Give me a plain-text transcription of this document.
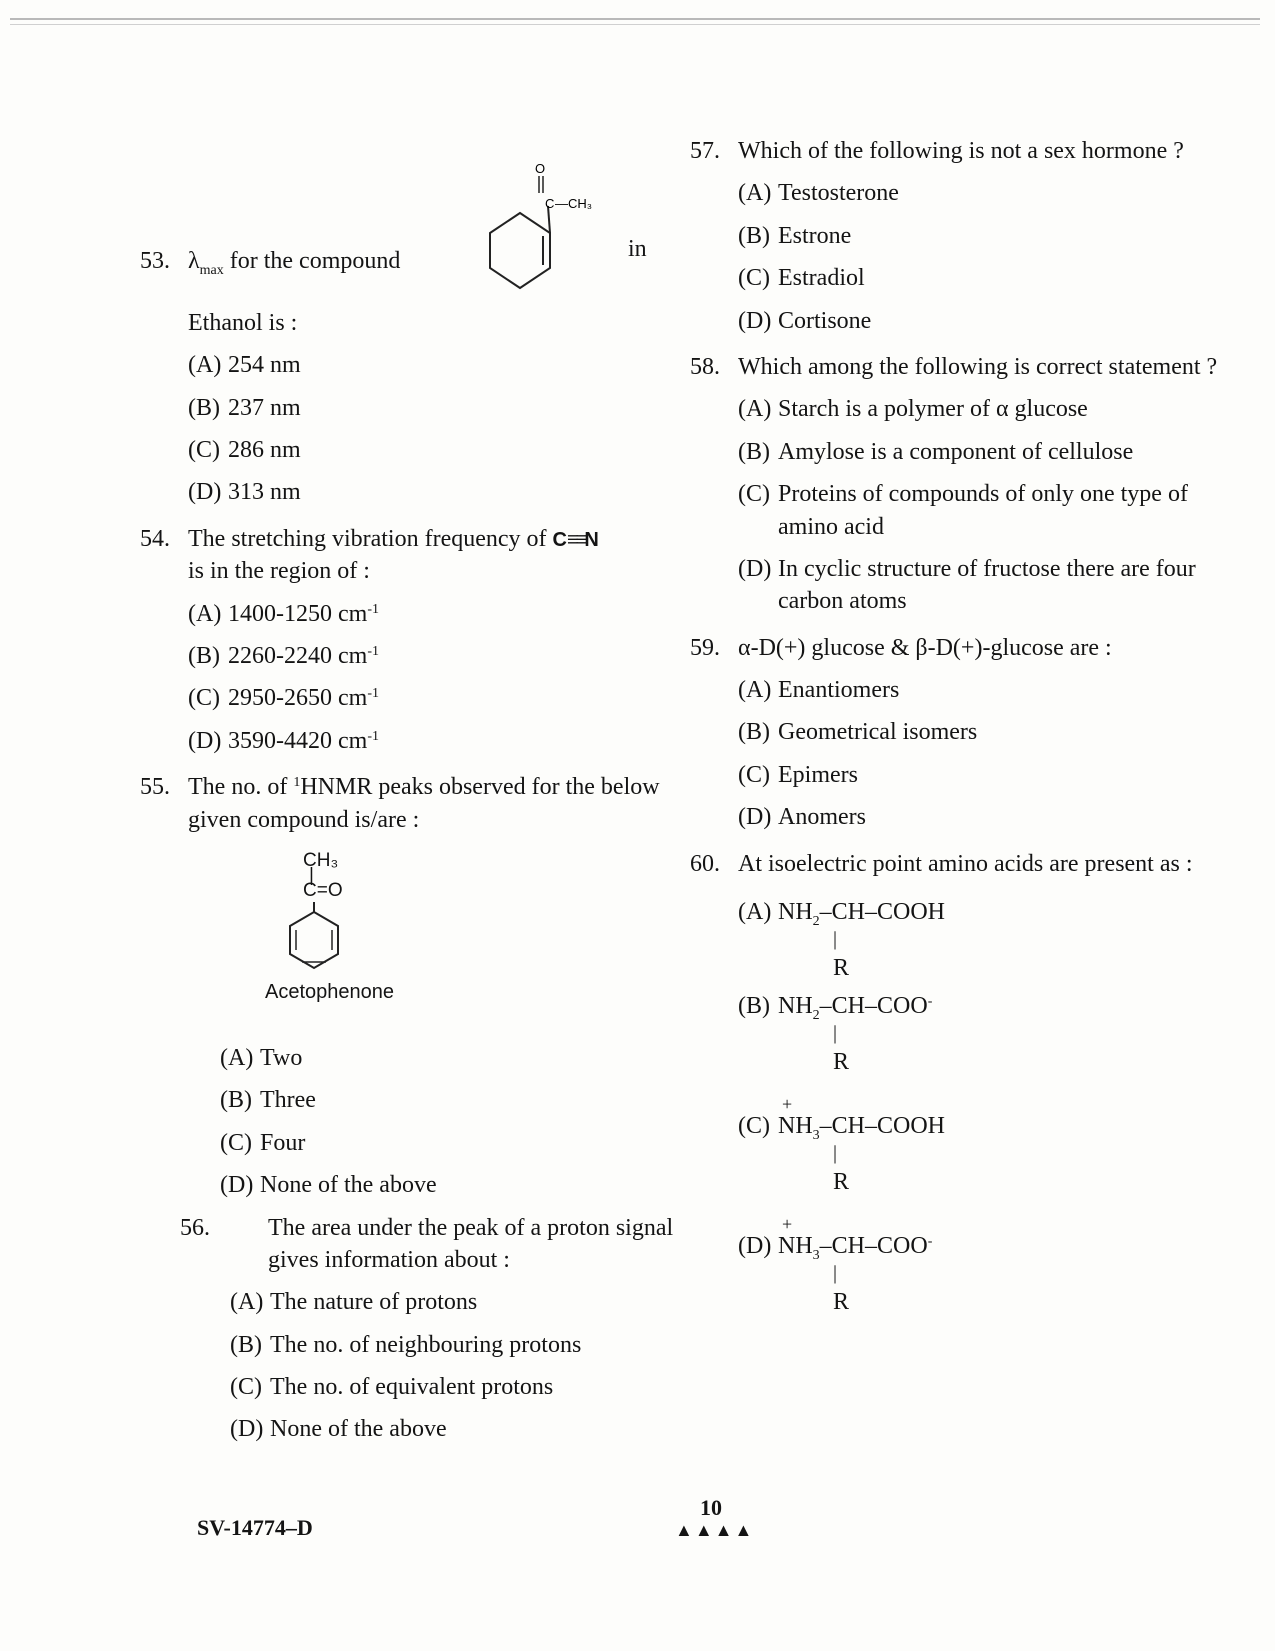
O
C —CH₃
CH₃
|
C=O
Acetophenone
53. $\lambda_{max}$ for the compound	in
Ethanol is :
(A) 254 nm
(B) 237 nm
(C) 286 nm
(D) 313 nm
54. The stretching vibration frequency of C≡≡N
is in the region of :
(A) 1400-1250 $cm^{-1}$
(B) 2260-2240 $cm^{-1}$
(C) 2950-2650 $cm^{-1}$
(D) 3590-4420 $cm^{-1}$
55. The no. of $^1$HNMR peaks observed for the below given compound is/are :
(A) Two
(B) Three
(C) Four
(D) None of the above
56.	The area under the peak of a proton signal gives information about :
(A) The nature of protons
(B) The no. of neighbouring protons
(C) The no. of equivalent protons
(D) None of the above
57. Which of the following is not a sex hormone ?
(A) Testosterone
(B) Estrone
(C) Estradiol
(D) Cortisone
58. Which among the following is correct statement ?
(A) Starch is a polymer of α glucose
(B) Amylose is a component of cellulose
(C) Proteins of compounds of only one type of amino acid
(D) In cyclic structure of fructose there are four carbon atoms
59. α-D(+) glucose & β-D(+)-glucose are :
(A) Enantiomers
(B) Geometrical isomers
(C) Epimers
(D) Anomers
60. At isoelectric point amino acids are present as :
(A) $NH_2-CH$–COOH
|
R
(B) $NH_2-CH-COO^-$
|
R
(C)
+
$NH_3-CH$–COOH
|
R
(D)
+
$NH_3-CH-COO^-$
|
R
SV-14774–D
10
▲▲▲▲
